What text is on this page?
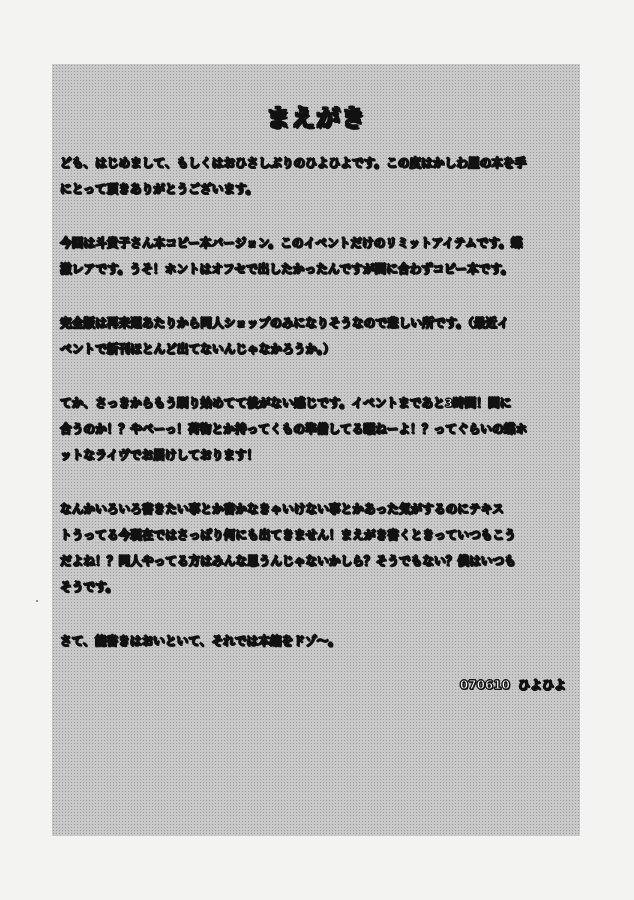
まえがき

ども、はじめまして、もしくはおひさしぶりのひよひよです。この度はかしわ屋の本を手
にとって頂きありがとうございます。

今回は斗貴子さん本コピー本バージョン。このイベントだけのリミットアイテムです。蝶
激レアです。うそ！ホントはオフセで出したかったんですが間に合わずコピー本です。

完全版は再来週あたりから同人ショップのみになりそうなので悲しい所です。（最近イ
ベントで新刊ほとんど出てないんじゃなかろうか。）

てか、さっきからもう刷り始めてて後がない感じです。イベントまであと3時間！間に
合うのか！？やべーっ！荷物とか持ってくもの準備してる暇ねーよ！？ってぐらいの蝶ホ
ットなライヴでお届けしております！

なんかいろいろ書きたい事とか書かなきゃいけない事とかあった気がするのにテキス
トうってる今現在ではさっぱり何にも出てきません！まえがき書くときっていつもこう
だよね！？同人やってる方はみんな思うんじゃないかしら？そうでもない？僕はいつも
そうです。

さて、能書きはおいといて、それでは本編をドゾ〜。

070610 ひよひよ
